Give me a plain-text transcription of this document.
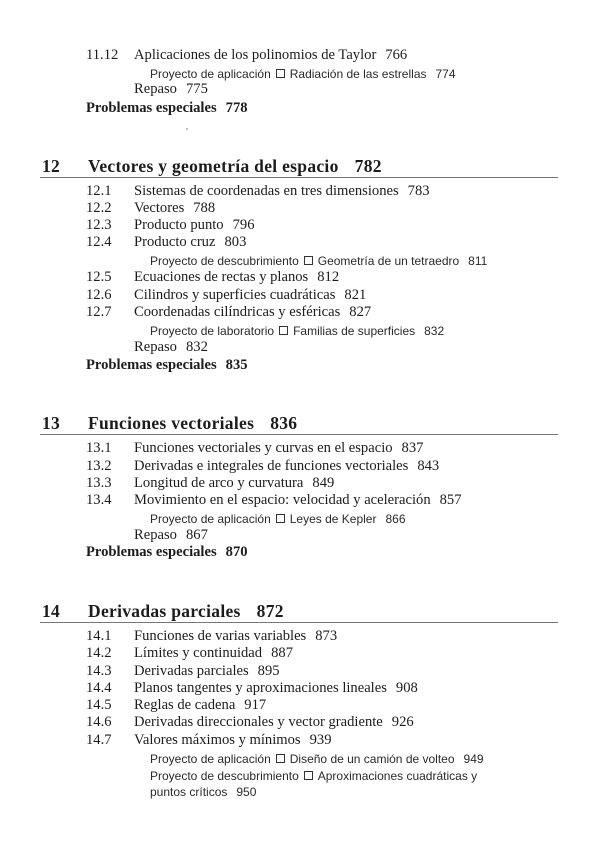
11.12 Aplicaciones de los polinomios de Taylor 766
Proyecto de aplicación Radiación de las estrellas 774
Repaso 775
Problemas especiales 778
12 Vectores y geometría del espacio 782
12.1 Sistemas de coordenadas en tres dimensiones 783
12.2 Vectores 788
12.3 Producto punto 796
12.4 Producto cruz 803
Proyecto de descubrimiento Geometría de un tetraedro 811
12.5 Ecuaciones de rectas y planos 812
12.6 Cilindros y superficies cuadráticas 821
12.7 Coordenadas cilíndricas y esféricas 827
Proyecto de laboratorio Familias de superficies 832
Repaso 832
Problemas especiales 835
13 Funciones vectoriales 836
13.1 Funciones vectoriales y curvas en el espacio 837
13.2 Derivadas e integrales de funciones vectoriales 843
13.3 Longitud de arco y curvatura 849
13.4 Movimiento en el espacio: velocidad y aceleración 857
Proyecto de aplicación Leyes de Kepler 866
Repaso 867
Problemas especiales 870
14 Derivadas parciales 872
14.1 Funciones de varias variables 873
14.2 Límites y continuidad 887
14.3 Derivadas parciales 895
14.4 Planos tangentes y aproximaciones lineales 908
14.5 Reglas de cadena 917
14.6 Derivadas direccionales y vector gradiente 926
14.7 Valores máximos y mínimos 939
Proyecto de aplicación Diseño de un camión de volteo 949
Proyecto de descubrimiento Aproximaciones cuadráticas y
puntos críticos 950
